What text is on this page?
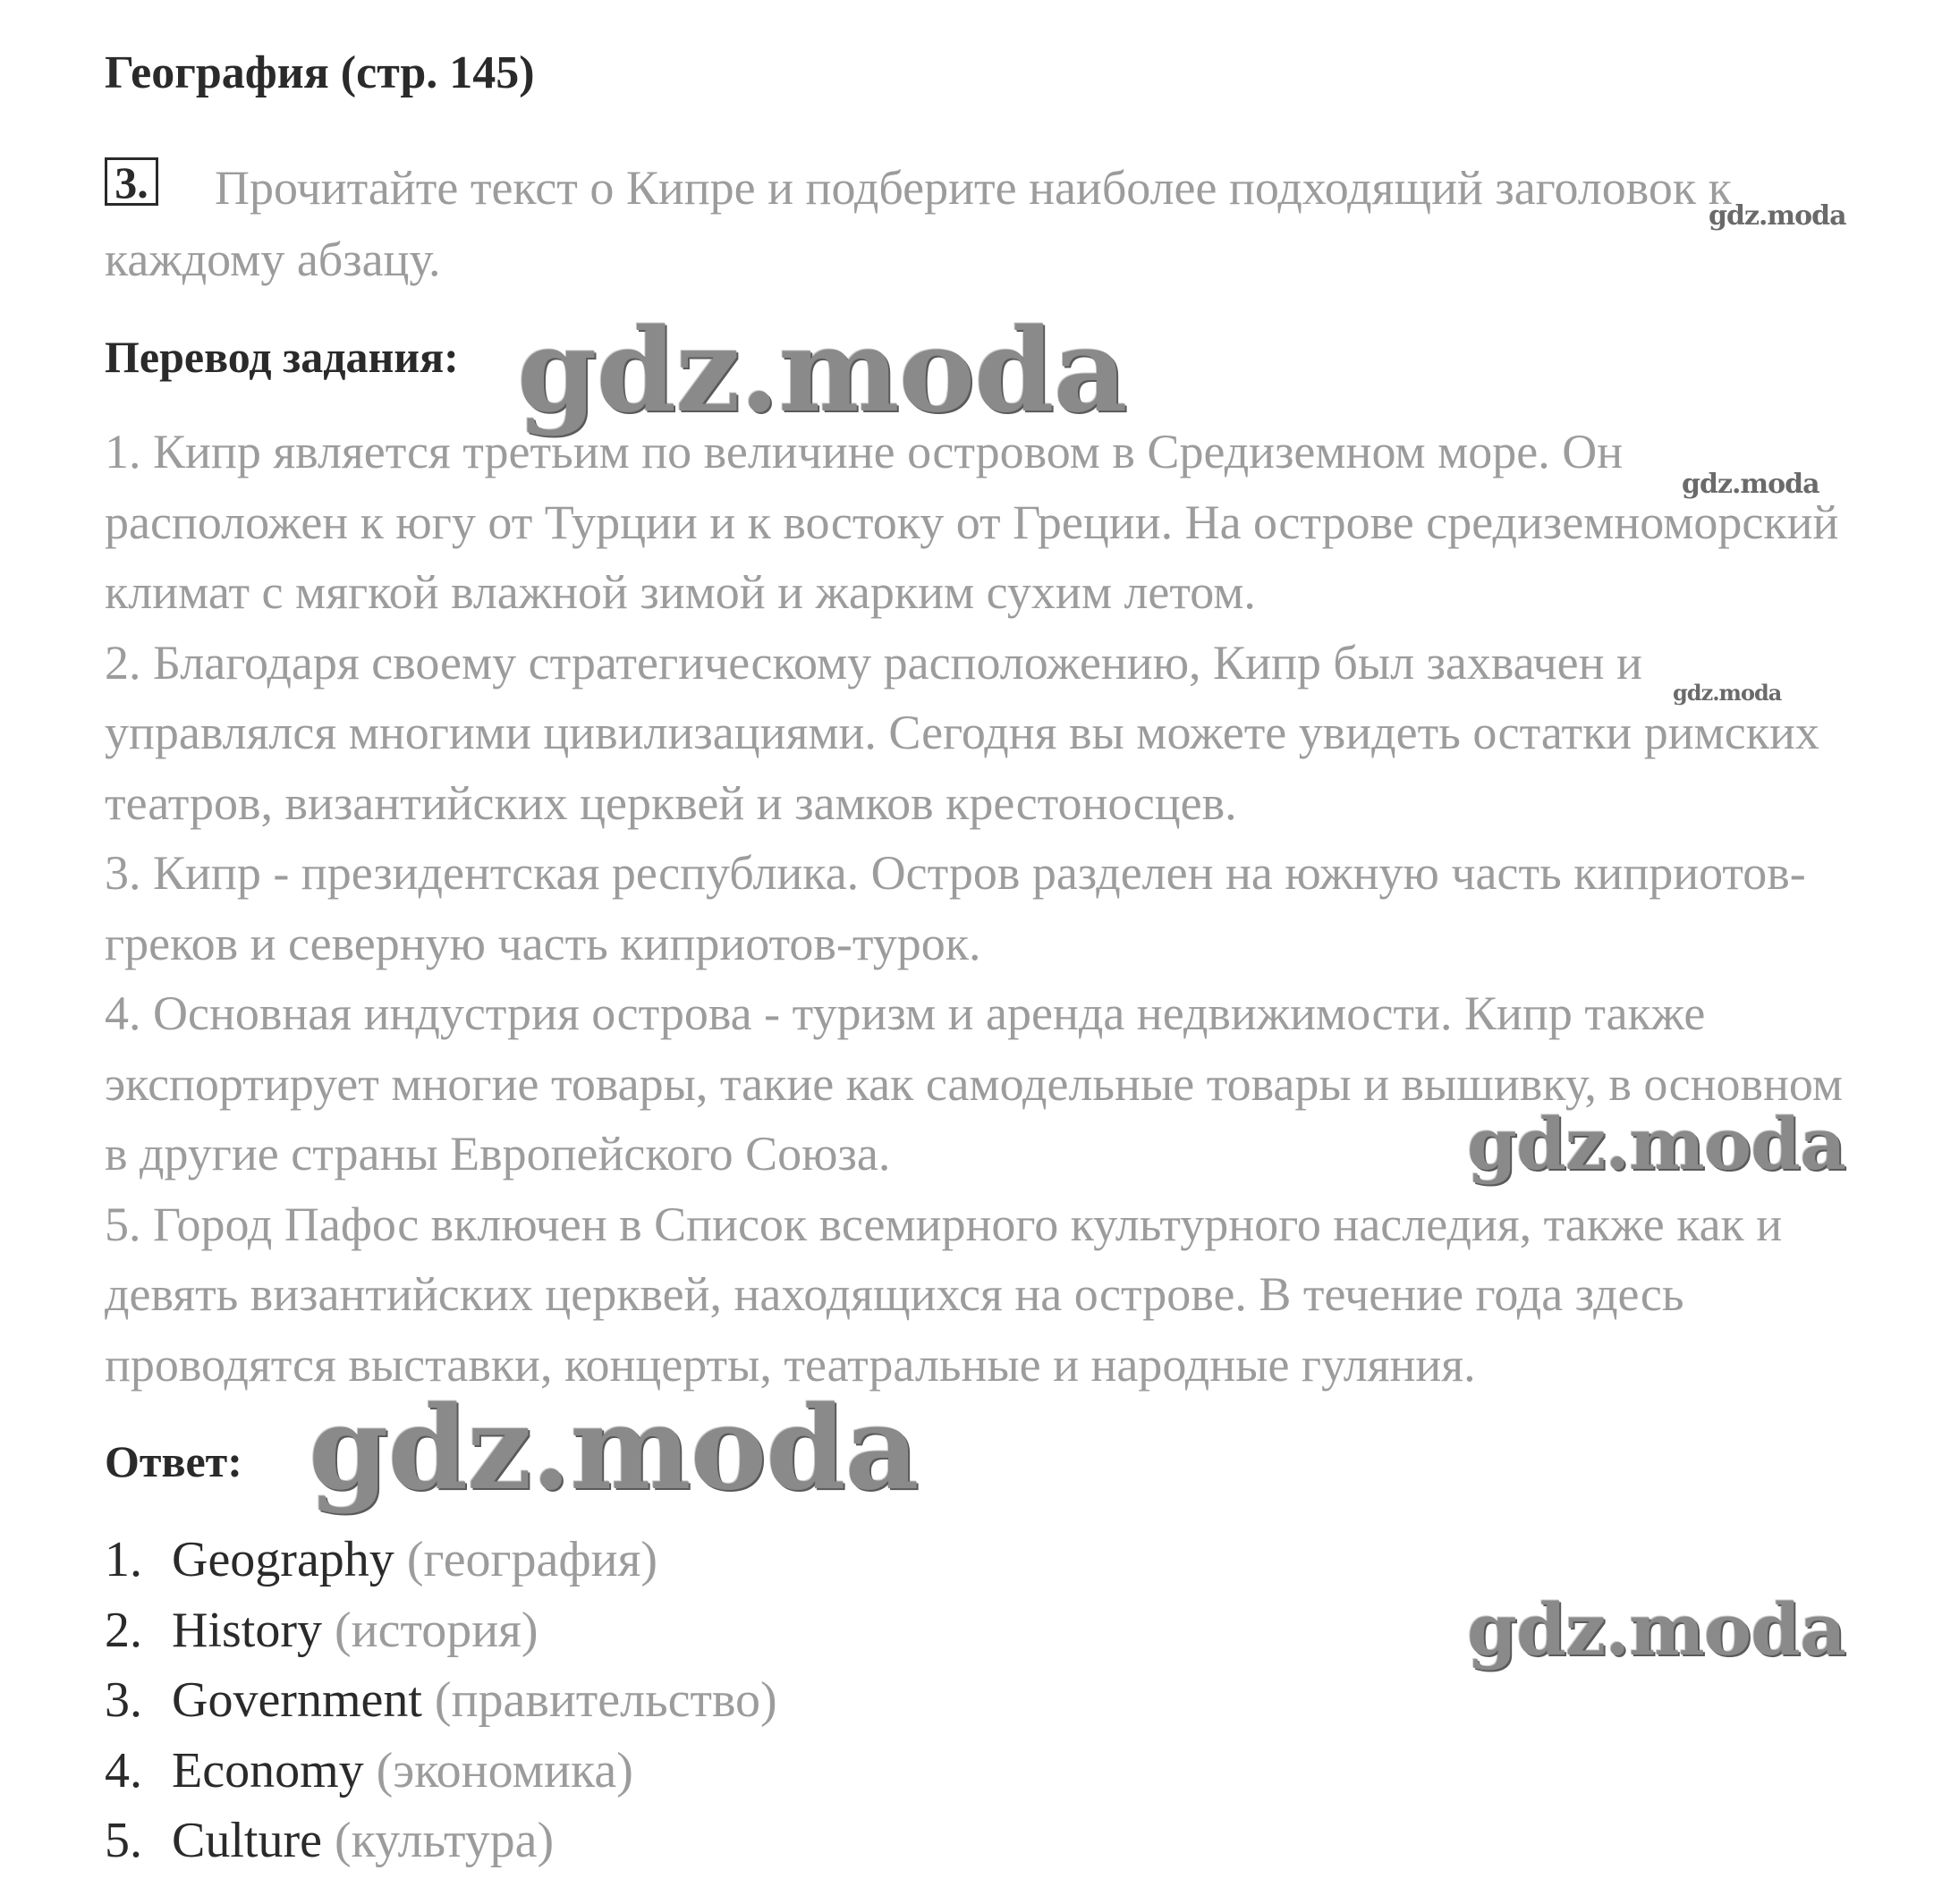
География (стр. 145)
3.	Прочитайте текст о Кипре и подберите наиболее подходящий заголовок к каждому абзацу.
Перевод задания:

1. Кипр является третьим по величине островом в Средиземном море. Он расположен к югу от Турции и к востоку от Греции. На острове средиземноморский климат с мягкой влажной зимой и жарким сухим летом.

2. Благодаря своему стратегическому расположению, Кипр был захвачен и управлялся многими цивилизациями. Сегодня вы можете увидеть остатки римских театров, византийских церквей и замков крестоносцев.

3. Кипр - президентская республика. Остров разделен на южную часть киприотов-греков и северную часть киприотов-турок.

4. Основная индустрия острова - туризм и аренда недвижимости. Кипр также экспортирует многие товары, такие как самодельные товары и вышивку, в основном в другие страны Европейского Союза.

5. Город Пафос включен в Список всемирного культурного наследия, также как и девять византийских церквей, находящихся на острове. В течение года здесь проводятся выставки, концерты, театральные и народные гуляния.

Ответ:
1. Geography (география)
2. History (история)
3. Government (правительство)
4. Economy (экономика)
5. Culture (культура)
gdz.moda
gdz.moda
gdz.moda
gdz.moda
gdz.moda
gdz.moda
gdz.moda
